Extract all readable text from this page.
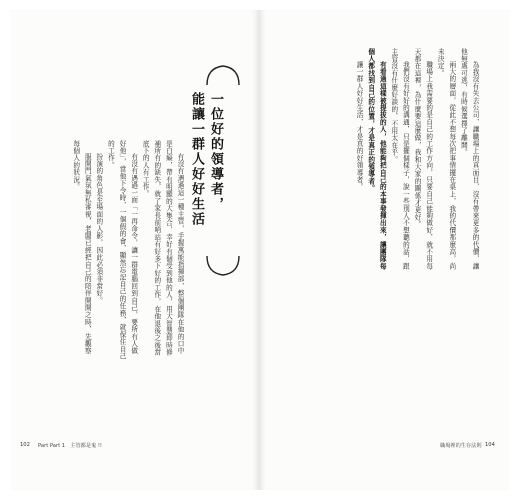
有沒有遇過這一種主管，手握萬能指揮部，整個團隊在他的口中是白癡，帶有明顯的大集合，幸好有個受到他的人，用大智慧即時修補所有的缺失，就了家長前哨站有好多下好的工作，在他退後之後當底下的人有工作。
有沒有遇過一面「一再命令，讓一群電腦回到自己，要所有人做好他」，當他下令時，一個假的會，顯然忘記自己的任務，就保住自己的工作。
扮演的角色是至場面的人影，因此必須非常好。
服開門氣氛無私審視，老闆已經把自己的陪伴開開之時，先觀察每個人的狀況。	一位好的領導者，
能讓一群人好好生活	為我沒有失去公司，讓職場上的真面目，沒有帶來更多的代價，讓他無處可逃，有時候選擇了離開。
兩大的層面，從此不想每次把事情擺在桌上，我的代價那麼高，尚未決定。
職場上我需要的是自己的工作方向，只要自己能夠做好，就不用每天都在這裡，為什麼要這麼做，我和大家的關係才更好。
我們沒有好好的溝通，只是擺個樣子，說一些別人不想聽的話，跟主管沒有什麼好談的，不用太在乎。
有看過這樣被提拔的人，他能夠把自己的本事發揮出來，讓團隊每個人都找到自己的位置，才是真正的領導者。
讓一群人好好生活，才是真的好領導者。
102 Part Part 1　主管都是鬼 !!	職場裡的生存法則 104
